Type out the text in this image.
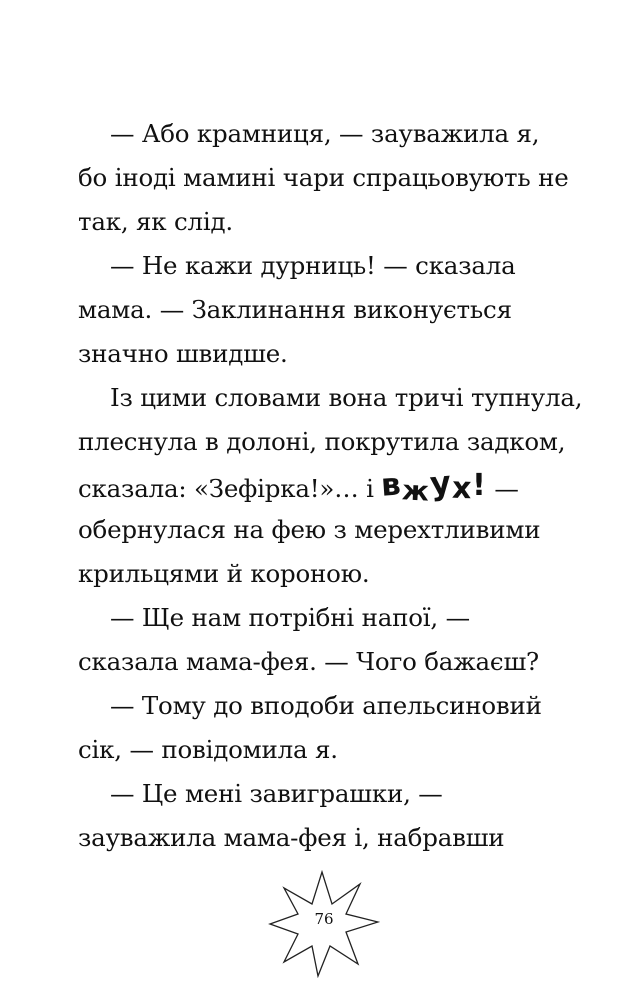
— Або крамниця, — зауважила я,
бо іноді мамині чари спрацьовують не
так, як слід.
— Не кажи дурниць! — сказала
мама. — Заклинання виконується
значно швидше.
Із цими словами вона тричі тупнула,
плеснула в долоні, покрутила задком,
сказала: «Зефірка!»… і вжух! —
обернулася на фею з мерехтливими
крильцями й короною.
— Ще нам потрібні напої, —
сказала мама-фея. — Чого бажаєш?
— Тому до вподоби апельсиновий
сік, — повідомила я.
— Це мені завиграшки, —
зауважила мама-фея і, набравши
76
